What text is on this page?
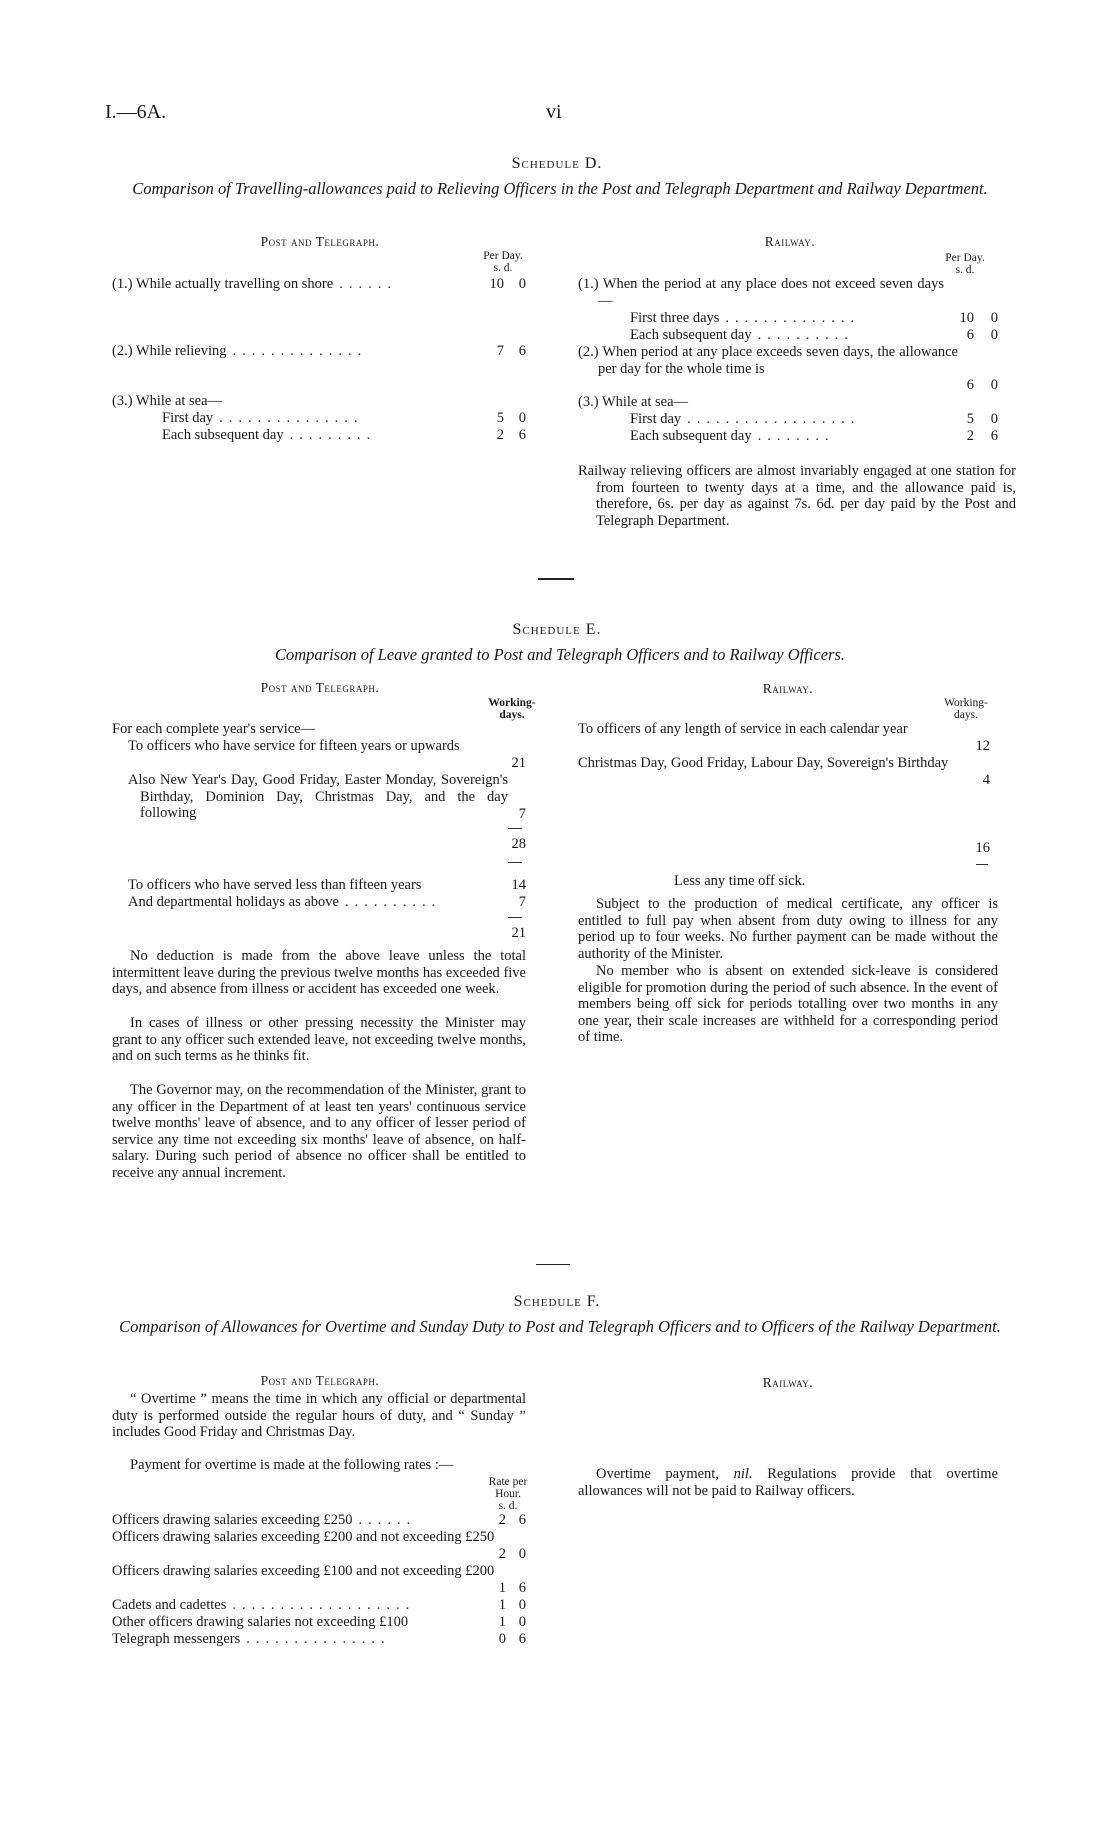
I.—6A.	vi
Schedule D.
Comparison of Travelling-allowances paid to Relieving Officers in the Post and Telegraph Department and Railway Department.
Post and Telegraph.
Per Day.
s. d.
(1.) While actually travelling on shore ......	10	0
(2.) While relieving ..............	7	6
(3.) While at sea—
First day ...............	5	0
Each subsequent day .........	2	6
Railway.
Per Day.
s. d.
(1.) When the period at any place does not exceed seven days—
First three days ..............	10	0
Each subsequent day ..........	6	0
(2.) When period at any place exceeds seven days, the allowance per day for the whole time is
6	0
(3.) While at sea—
First day ..................	5	0
Each subsequent day ........	2	6
Railway relieving officers are almost invariably engaged at one station for from fourteen to twenty days at a time, and the allowance paid is, therefore, 6s. per day as against 7s. 6d. per day paid by the Post and Telegraph Department.
Schedule E.
Comparison of Leave granted to Post and Telegraph Officers and to Railway Officers.
Post and Telegraph.
Working-days.
For each complete year's service—
To officers who have service for fifteen years or upwards
21
Also New Year's Day, Good Friday, Easter Monday, Sovereign's Birthday, Dominion Day, Christmas Day, and the day following	7
28
To officers who have served less than fifteen years	14
And departmental holidays as above ..........	7
21
No deduction is made from the above leave unless the total intermittent leave during the previous twelve months has exceeded five days, and absence from illness or accident has exceeded one week.
In cases of illness or other pressing necessity the Minister may grant to any officer such extended leave, not exceeding twelve months, and on such terms as he thinks fit.
The Governor may, on the recommendation of the Minister, grant to any officer in the Department of at least ten years' continuous service twelve months' leave of absence, and to any officer of lesser period of service any time not exceeding six months' leave of absence, on half-salary. During such period of absence no officer shall be entitled to receive any annual increment.
Railway.
Working-days.
To officers of any length of service in each calendar year
12
Christmas Day, Good Friday, Labour Day, Sovereign's Birthday
4
16
Less any time off sick.
Subject to the production of medical certificate, any officer is entitled to full pay when absent from duty owing to illness for any period up to four weeks. No further payment can be made without the authority of the Minister.
No member who is absent on extended sick-leave is considered eligible for promotion during the period of such absence. In the event of members being off sick for periods totalling over two months in any one year, their scale increases are withheld for a corresponding period of time.
Schedule F.
Comparison of Allowances for Overtime and Sunday Duty to Post and Telegraph Officers and to Officers of the Railway Department.
Post and Telegraph.
“ Overtime ” means the time in which any official or departmental duty is performed outside the regular hours of duty, and “ Sunday ” includes Good Friday and Christmas Day.
Payment for overtime is made at the following rates :—
Rate per Hour.
s. d.
Officers drawing salaries exceeding £250 ......	2 6
Officers drawing salaries exceeding £200 and not exceeding £250
2 0
Officers drawing salaries exceeding £100 and not exceeding £200
1 6
Cadets and cadettes ...................	1 0
Other officers drawing salaries not exceeding £100	1 0
Telegraph messengers ...............	0 6
Railway.
Overtime payment, nil. Regulations provide that overtime allowances will not be paid to Railway officers.
